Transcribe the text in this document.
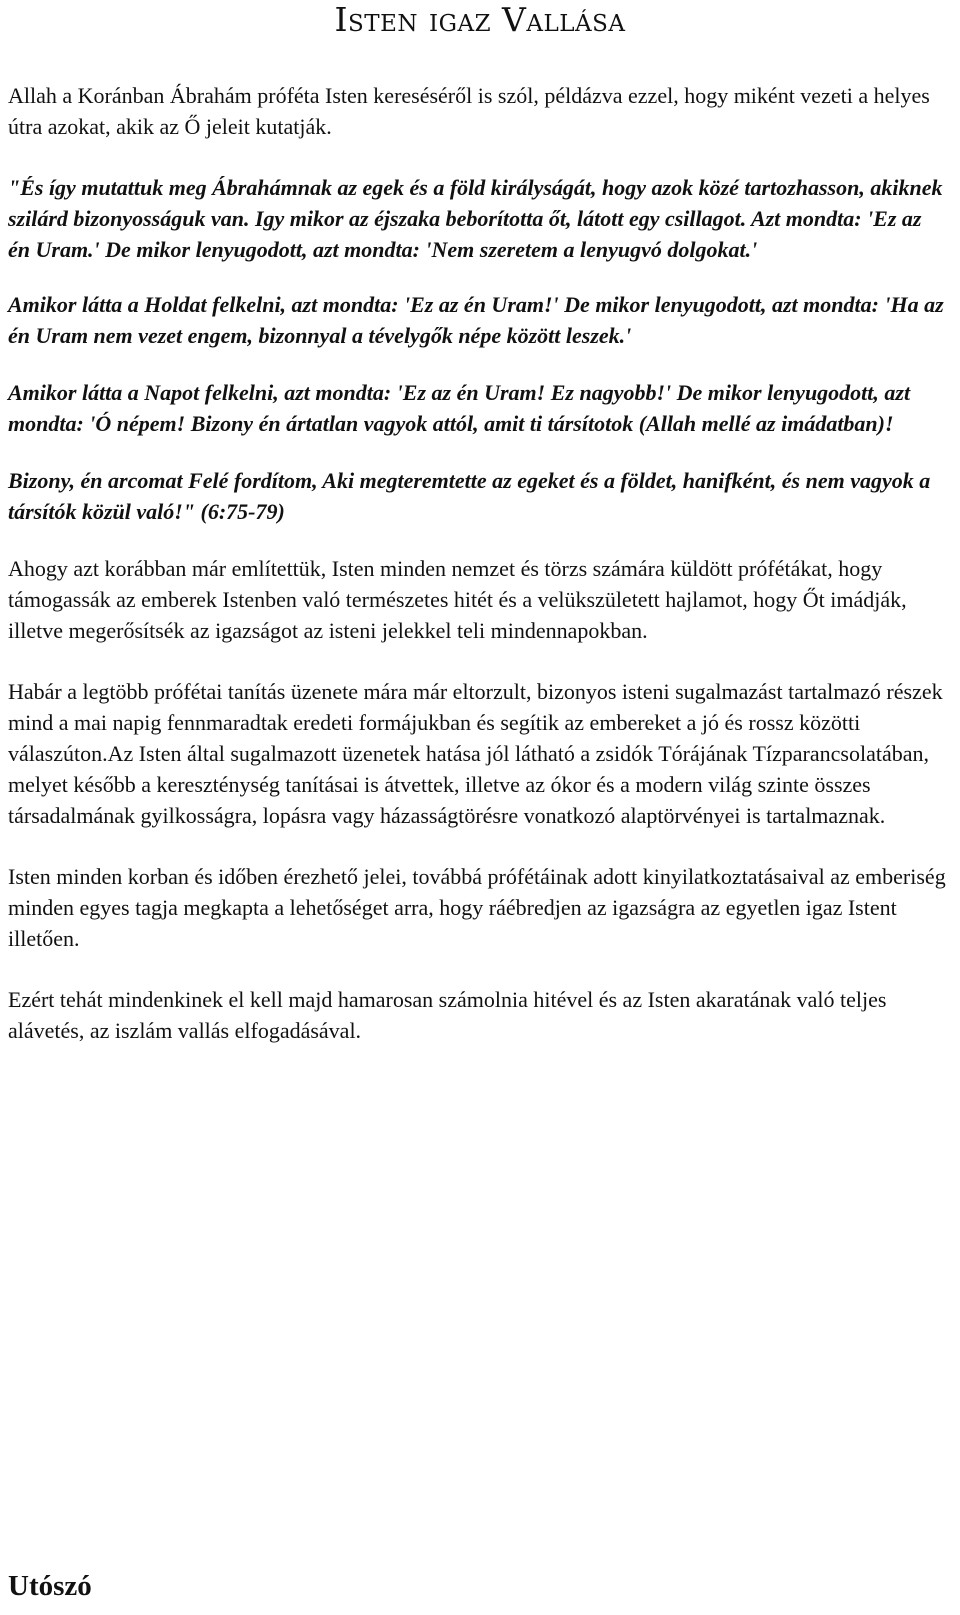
Isten igaz Vallása

Allah a Koránban Ábrahám próféta Isten kereséséről is szól, példázva ezzel, hogy miként vezeti a helyes útra azokat, akik az Ő jeleit kutatják.

"És így mutattuk meg Ábrahámnak az egek és a föld királyságát, hogy azok közé tartozhasson, akiknek szilárd bizonyosságuk van. Igy mikor az éjszaka beborította őt, látott egy csillagot. Azt mondta: 'Ez az én Uram.' De mikor lenyugodott, azt mondta: 'Nem szeretem a lenyugvó dolgokat.'

Amikor látta a Holdat felkelni, azt mondta: 'Ez az én Uram!' De mikor lenyugodott, azt mondta: 'Ha az én Uram nem vezet engem, bizonnyal a tévelygők népe között leszek.'

Amikor látta a Napot felkelni, azt mondta: 'Ez az én Uram! Ez nagyobb!' De mikor lenyugodott, azt mondta: 'Ó népem! Bizony én ártatlan vagyok attól, amit ti társítotok (Allah mellé az imádatban)!

Bizony, én arcomat Felé fordítom, Aki megteremtette az egeket és a földet, hanifként, és nem vagyok a társítók közül való!" (6:75-79)

Ahogy azt korábban már említettük, Isten minden nemzet és törzs számára küldött prófétákat, hogy támogassák az emberek Istenben való természetes hitét és a velükszületett hajlamot, hogy Őt imádják, illetve megerősítsék az igazságot az isteni jelekkel teli mindennapokban.

Habár a legtöbb prófétai tanítás üzenete mára már eltorzult, bizonyos isteni sugalmazást tartalmazó részek mind a mai napig fennmaradtak eredeti formájukban és segítik az embereket a jó és rossz közötti válaszúton.Az Isten által sugalmazott üzenetek hatása jól látható a zsidók Tórájának Tízparancsolatában, melyet később a kereszténység tanításai is átvettek, illetve az ókor és a modern világ szinte összes társadalmának gyilkosságra, lopásra vagy házasságtörésre vonatkozó alaptörvényei is tartalmaznak.

Isten minden korban és időben érezhető jelei, továbbá prófétáinak adott kinyilatkoztatásaival az emberiség minden egyes tagja megkapta a lehetőséget arra, hogy ráébredjen az igazságra az egyetlen igaz Istent illetően.

Ezért tehát mindenkinek el kell majd hamarosan számolnia hitével és az Isten akaratának való teljes alávetés, az iszlám vallás elfogadásával.

Utószó
